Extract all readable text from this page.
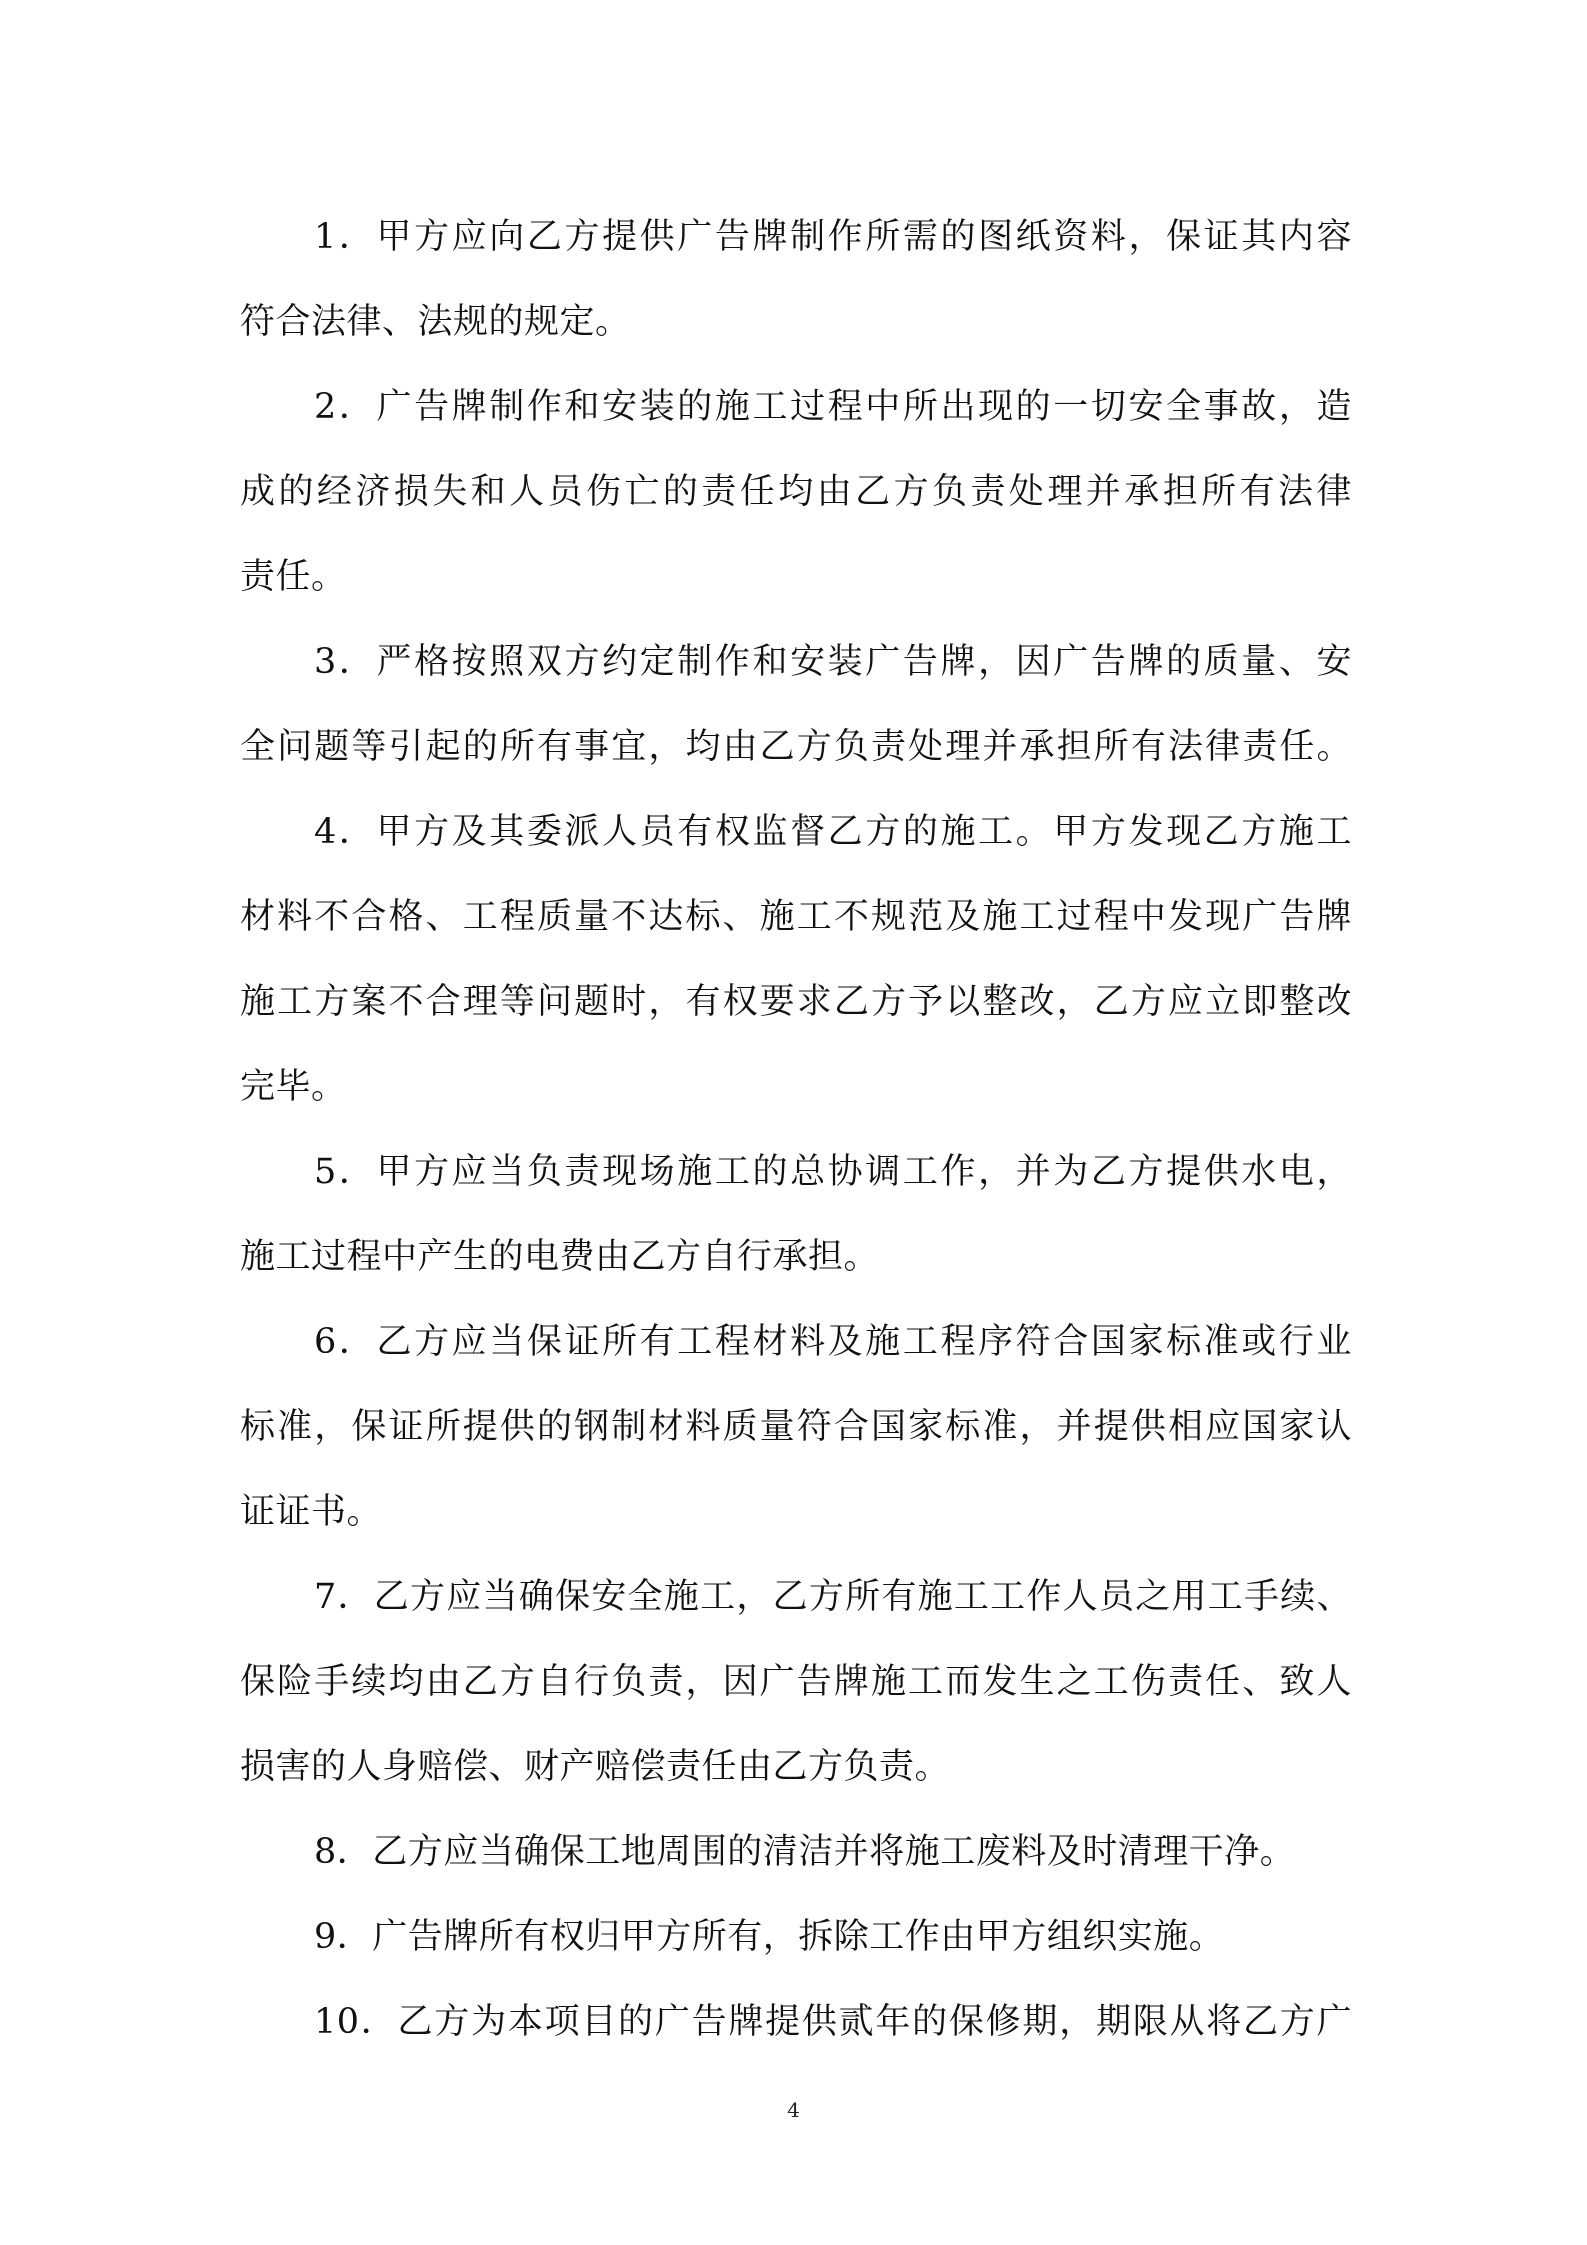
1．甲方应向乙方提供广告牌制作所需的图纸资料，保证其内容
符合法律、法规的规定。
2．广告牌制作和安装的施工过程中所出现的一切安全事故，造
成的经济损失和人员伤亡的责任均由乙方负责处理并承担所有法律
责任。
3．严格按照双方约定制作和安装广告牌，因广告牌的质量、安
全问题等引起的所有事宜，均由乙方负责处理并承担所有法律责任。
4．甲方及其委派人员有权监督乙方的施工。甲方发现乙方施工
材料不合格、工程质量不达标、施工不规范及施工过程中发现广告牌
施工方案不合理等问题时，有权要求乙方予以整改，乙方应立即整改
完毕。
5．甲方应当负责现场施工的总协调工作，并为乙方提供水电，
施工过程中产生的电费由乙方自行承担。
6．乙方应当保证所有工程材料及施工程序符合国家标准或行业
标准，保证所提供的钢制材料质量符合国家标准，并提供相应国家认
证证书。
7．乙方应当确保安全施工，乙方所有施工工作人员之用工手续、
保险手续均由乙方自行负责，因广告牌施工而发生之工伤责任、致人
损害的人身赔偿、财产赔偿责任由乙方负责。
8．乙方应当确保工地周围的清洁并将施工废料及时清理干净。
9．广告牌所有权归甲方所有，拆除工作由甲方组织实施。
10．乙方为本项目的广告牌提供贰年的保修期，期限从将乙方广
4
